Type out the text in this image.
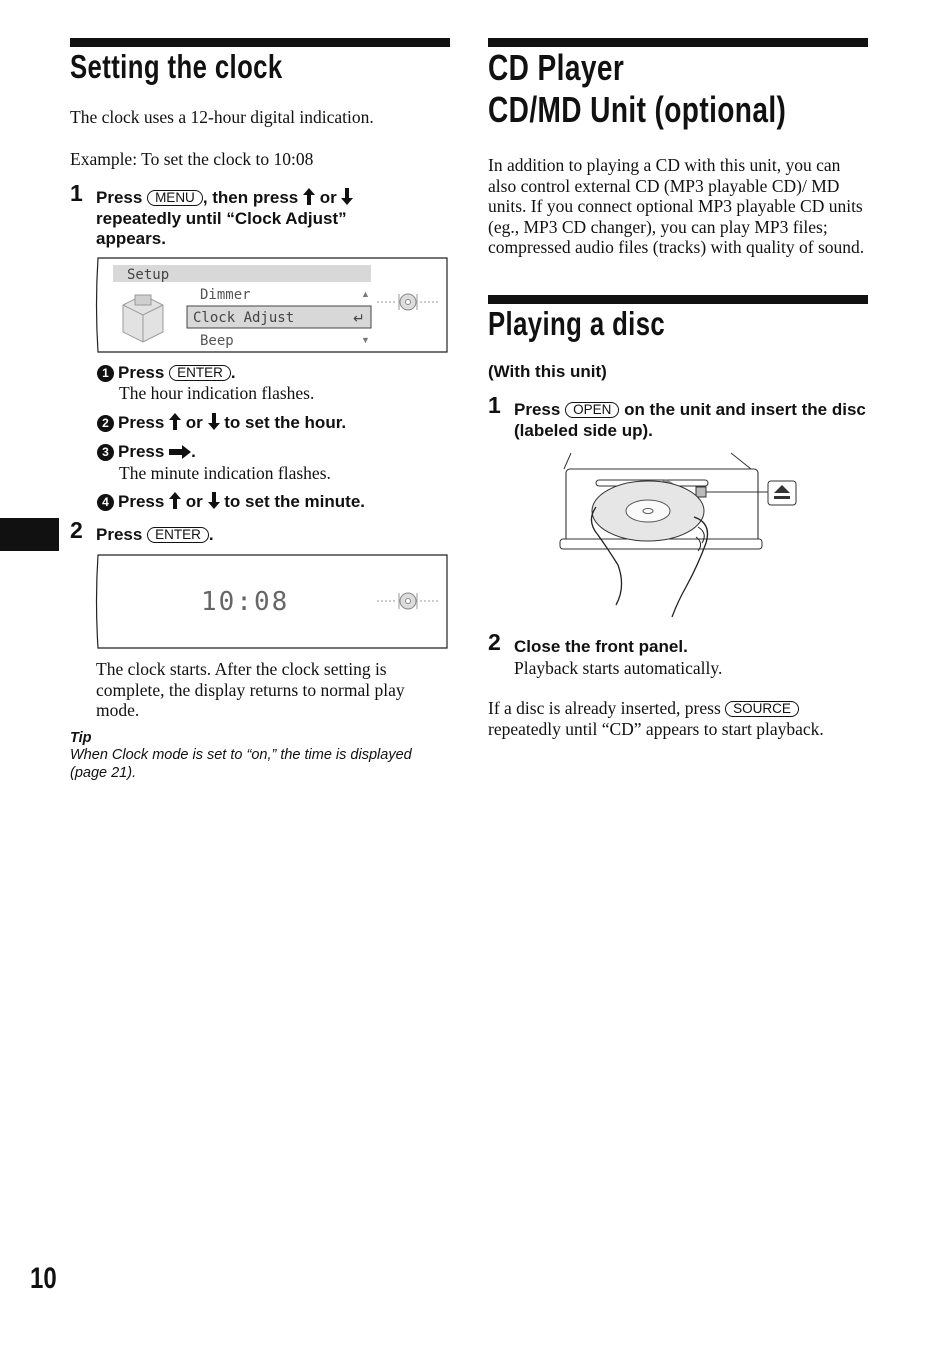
Setting the clock

The clock uses a 12-hour digital indication.

Example: To set the clock to 10:08

1 Press MENU , then press or
repeatedly until “Clock Adjust”
appears.
Setup
Dimmer	▲
Clock Adjust	↵
Beep	▼
1 Press ENTER .

The hour indication flashes.

2 Press or to set the hour.
3 Press .

The minute indication flashes.

4 Press or to set the minute.
2 Press ENTER .
10:08

The clock starts. After the clock setting is complete, the display returns to normal play mode.

Tip
When Clock mode is set to “on,” the time is displayed (page 21).
CD Player
CD/MD Unit (optional)

In addition to playing a CD with this unit, you can also control external CD (MP3 playable CD)/ MD units. If you connect optional MP3 playable CD units (eg., MP3 CD changer), you can play MP3 files; compressed audio files (tracks) with quality of sound.

Playing a disc
(With this unit)
1 Press OPEN on the unit and insert the disc (labeled side up).
2 Close the front panel.

Playback starts automatically.

If a disc is already inserted, press SOURCE repeatedly until “CD” appears to start playback.

10
